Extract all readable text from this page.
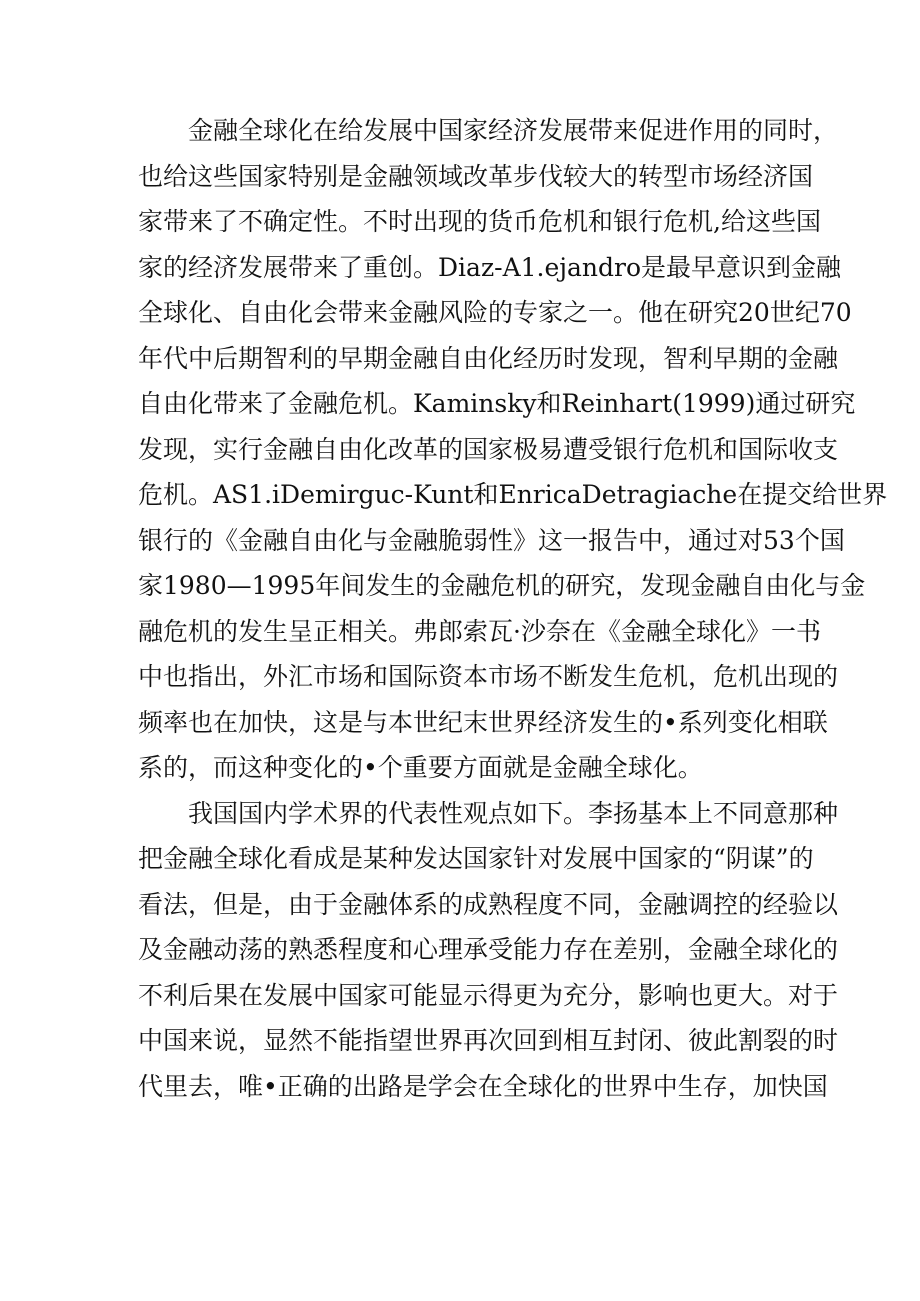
金融全球化在给发展中国家经济发展带来促进作用的同时，
也给这些国家特别是金融领域改革步伐较大的转型市场经济国
家带来了不确定性。不时出现的货币危机和银行危机,给这些国
家的经济发展带来了重创。Diaz-A1.ejandro是最早意识到金融
全球化、自由化会带来金融风险的专家之一。他在研究20世纪70
年代中后期智利的早期金融自由化经历时发现，智利早期的金融
自由化带来了金融危机。Kaminsky和Reinhart(1999)通过研究
发现，实行金融自由化改革的国家极易遭受银行危机和国际收支
危机。AS1.iDemirguc-Kunt和EnricaDetragiache在提交给世界
银行的《金融自由化与金融脆弱性》这一报告中，通过对53个国
家1980—1995年间发生的金融危机的研究，发现金融自由化与金
融危机的发生呈正相关。弗郎索瓦·沙奈在《金融全球化》一书
中也指出，外汇市场和国际资本市场不断发生危机，危机出现的
频率也在加快，这是与本世纪末世界经济发生的•系列变化相联
系的，而这种变化的•个重要方面就是金融全球化。
我国国内学术界的代表性观点如下。李扬基本上不同意那种
把金融全球化看成是某种发达国家针对发展中国家的“阴谋”的
看法，但是，由于金融体系的成熟程度不同，金融调控的经验以
及金融动荡的熟悉程度和心理承受能力存在差别，金融全球化的
不利后果在发展中国家可能显示得更为充分，影响也更大。对于
中国来说，显然不能指望世界再次回到相互封闭、彼此割裂的时
代里去，唯•正确的出路是学会在全球化的世界中生存，加快国
